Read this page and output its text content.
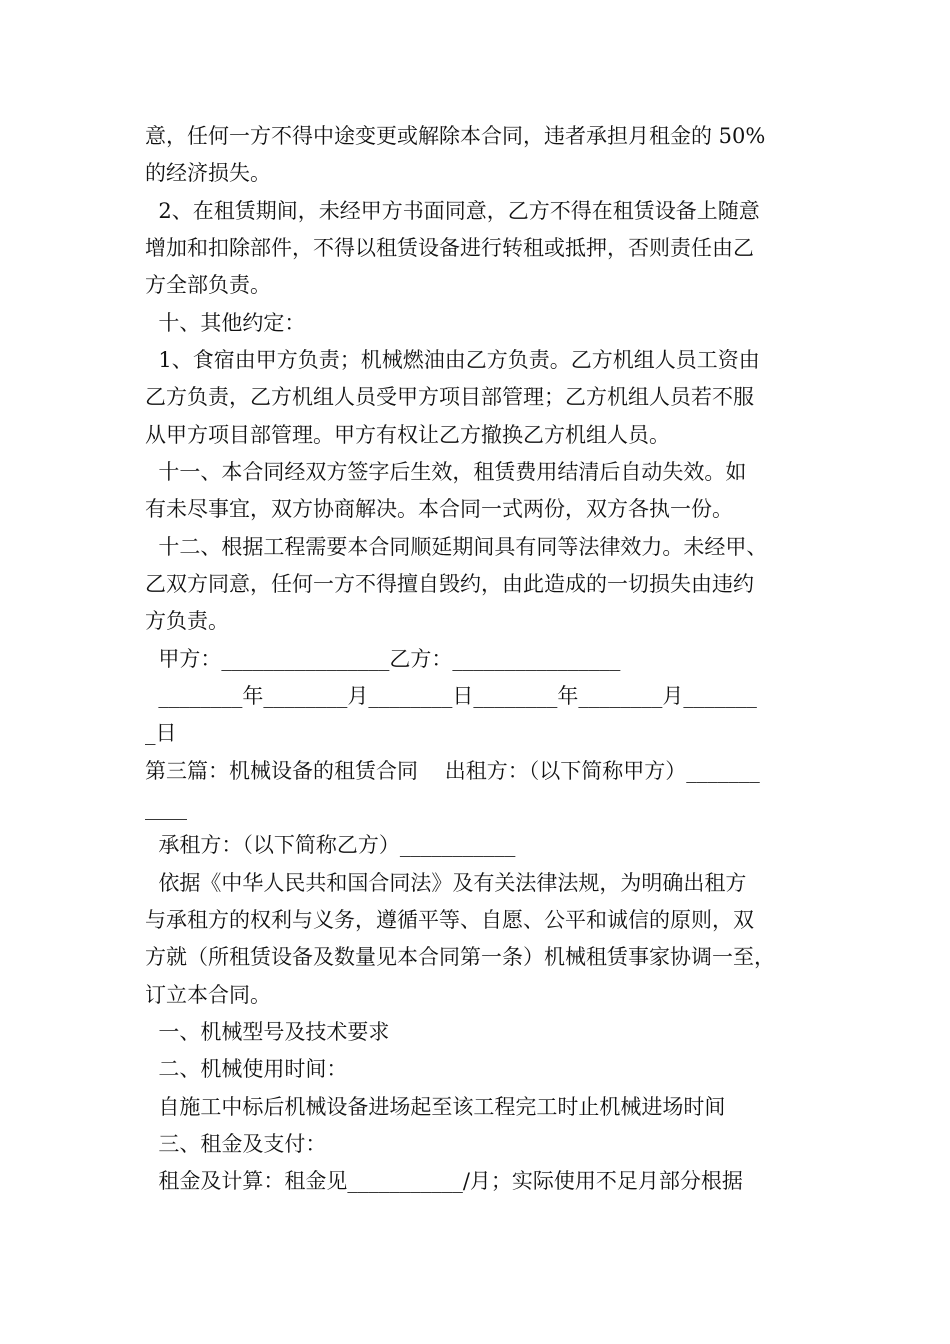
意，任何一方不得中途变更或解除本合同，违者承担月租金的 50%
的经济损失。
2、在租赁期间，未经甲方书面同意，乙方不得在租赁设备上随意
增加和扣除部件，不得以租赁设备进行转租或抵押，否则责任由乙
方全部负责。
十、其他约定：
1、食宿由甲方负责；机械燃油由乙方负责。乙方机组人员工资由
乙方负责，乙方机组人员受甲方项目部管理；乙方机组人员若不服
从甲方项目部管理。甲方有权让乙方撤换乙方机组人员。
十一、本合同经双方签字后生效，租赁费用结清后自动失效。如
有未尽事宜，双方协商解决。本合同一式两份，双方各执一份。
十二、根据工程需要本合同顺延期间具有同等法律效力。未经甲、
乙双方同意，任何一方不得擅自毁约，由此造成的一切损失由违约
方负责。
甲方：________________乙方：________________
________年________月________日________年________月_______
_日
第三篇：机械设备的租赁合同    出租方：（以下简称甲方）_______
____
承租方：（以下简称乙方）___________
依据《中华人民共和国合同法》及有关法律法规，为明确出租方
与承租方的权利与义务，遵循平等、自愿、公平和诚信的原则，双
方就（所租赁设备及数量见本合同第一条）机械租赁事家协调一至，
订立本合同。
一、机械型号及技术要求
二、机械使用时间：
自施工中标后机械设备进场起至该工程完工时止机械进场时间
三、租金及支付：
租金及计算：租金见___________/月；实际使用不足月部分根据
